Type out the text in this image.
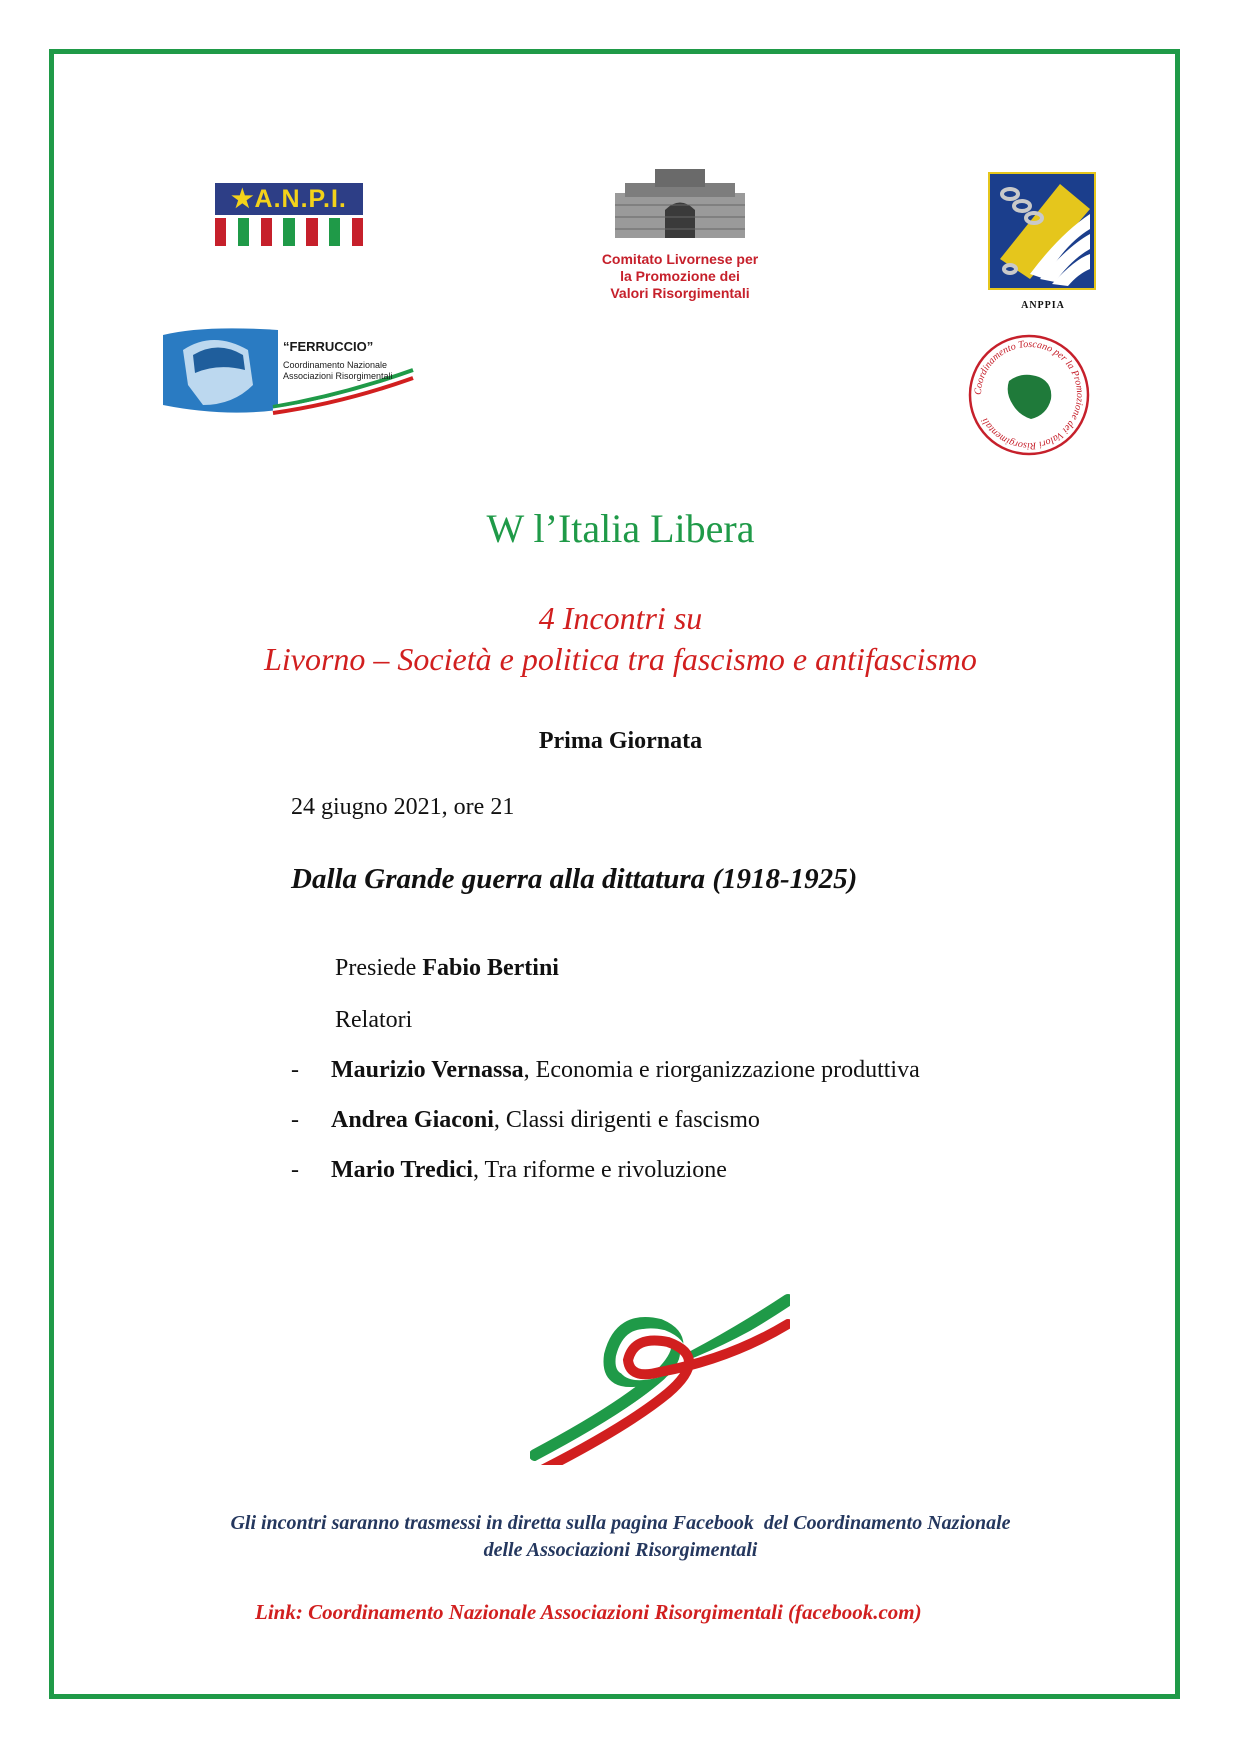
★A.N.P.I.
Comitato Livornese per
la Promozione dei
Valori Risorgimentali
ANPPIA
“FERRUCCIO”
Coordinamento Nazionale
Associazioni Risorgimentali
Coordinamento Toscano per la Promozione dei Valori Risorgimentali
W l’Italia Libera
4 Incontri su
Livorno – Società e politica tra fascismo e antifascismo
Prima Giornata
24 giugno 2021, ore 21
Dalla Grande guerra alla dittatura (1918-1925)
Presiede Fabio Bertini
Relatori
- Maurizio Vernassa, Economia e riorganizzazione produttiva
- Andrea Giaconi, Classi dirigenti e fascismo
- Mario Tredici, Tra riforme e rivoluzione
Gli incontri saranno trasmessi in diretta sulla pagina Facebook  del Coordinamento Nazionale
delle Associazioni Risorgimentali
Link: Coordinamento Nazionale Associazioni Risorgimentali (facebook.com)
